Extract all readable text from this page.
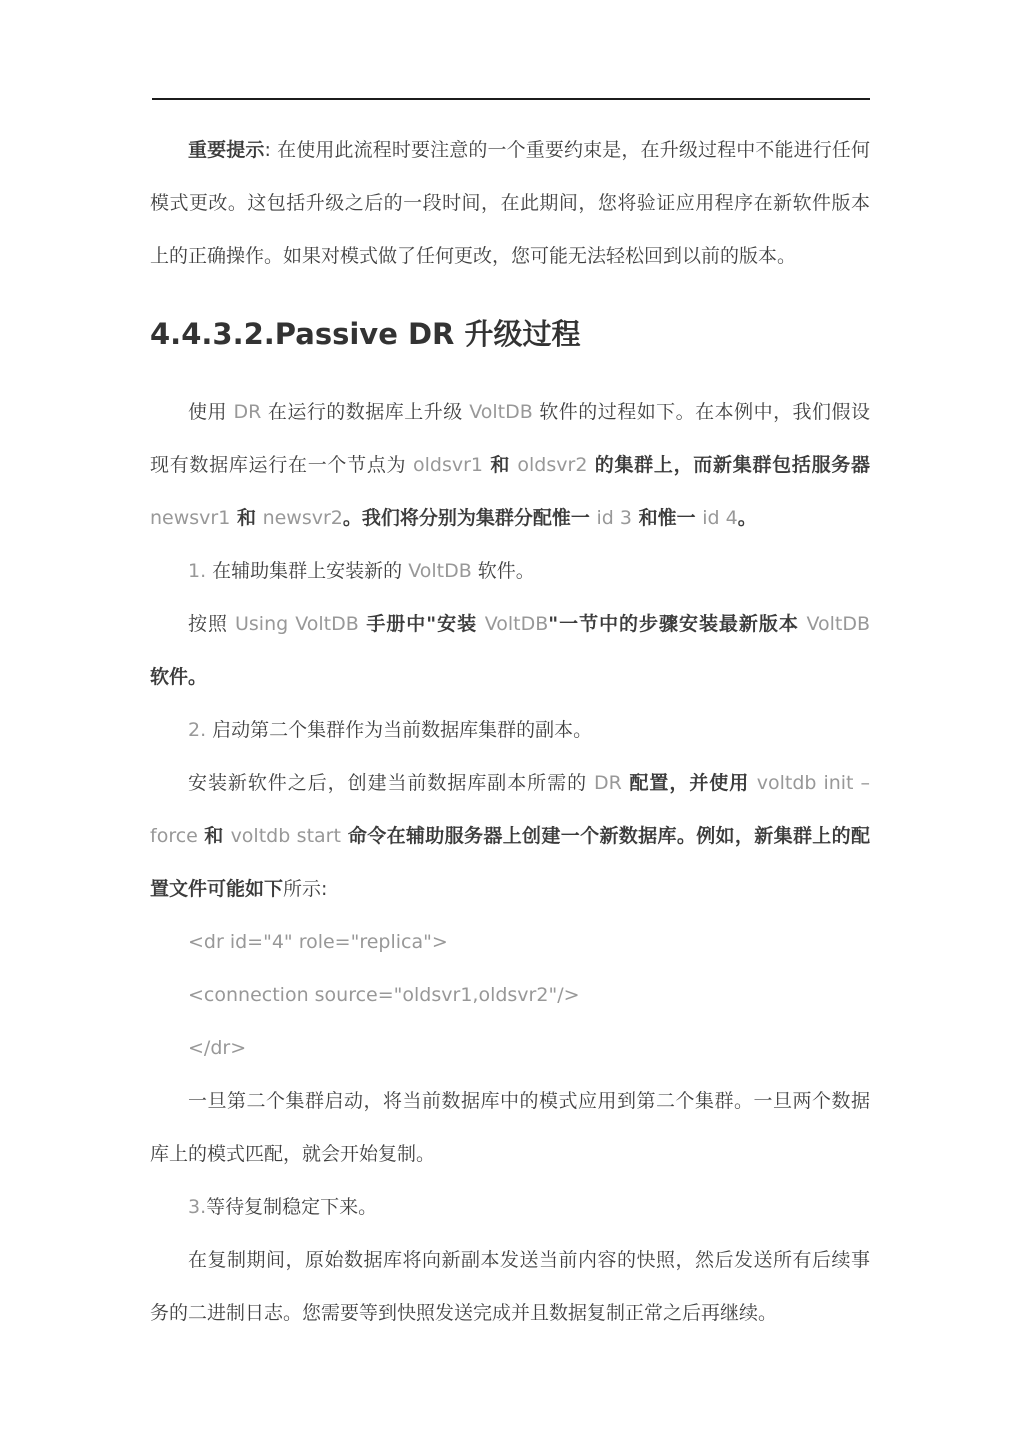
重要提示: 在使用此流程时要注意的一个重要约束是，在升级过程中不能进行任何模式更改。这包括升级之后的一段时间，在此期间，您将验证应用程序在新软件版本上的正确操作。如果对模式做了任何更改，您可能无法轻松回到以前的版本。

4.4.3.2.Passive DR 升级过程

使用 DR 在运行的数据库上升级 VoltDB 软件的过程如下。在本例中，我们假设现有数据库运行在一个节点为 oldsvr1 和 oldsvr2 的集群上，而新集群包括服务器 newsvr1 和 newsvr2。我们将分别为集群分配惟一 id 3 和惟一 id 4。

1. 在辅助集群上安装新的 VoltDB 软件。

按照 Using VoltDB 手册中"安装 VoltDB"一节中的步骤安装最新版本 VoltDB 软件。

2. 启动第二个集群作为当前数据库集群的副本。

安装新软件之后，创建当前数据库副本所需的 DR 配置，并使用 voltdb init –force 和 voltdb start 命令在辅助服务器上创建一个新数据库。例如，新集群上的配置文件可能如下所示:

<dr id="4" role="replica">

<connection source="oldsvr1,oldsvr2"/>

</dr>

一旦第二个集群启动，将当前数据库中的模式应用到第二个集群。一旦两个数据库上的模式匹配，就会开始复制。

3.等待复制稳定下来。

在复制期间，原始数据库将向新副本发送当前内容的快照，然后发送所有后续事务的二进制日志。您需要等到快照发送完成并且数据复制正常之后再继续。
